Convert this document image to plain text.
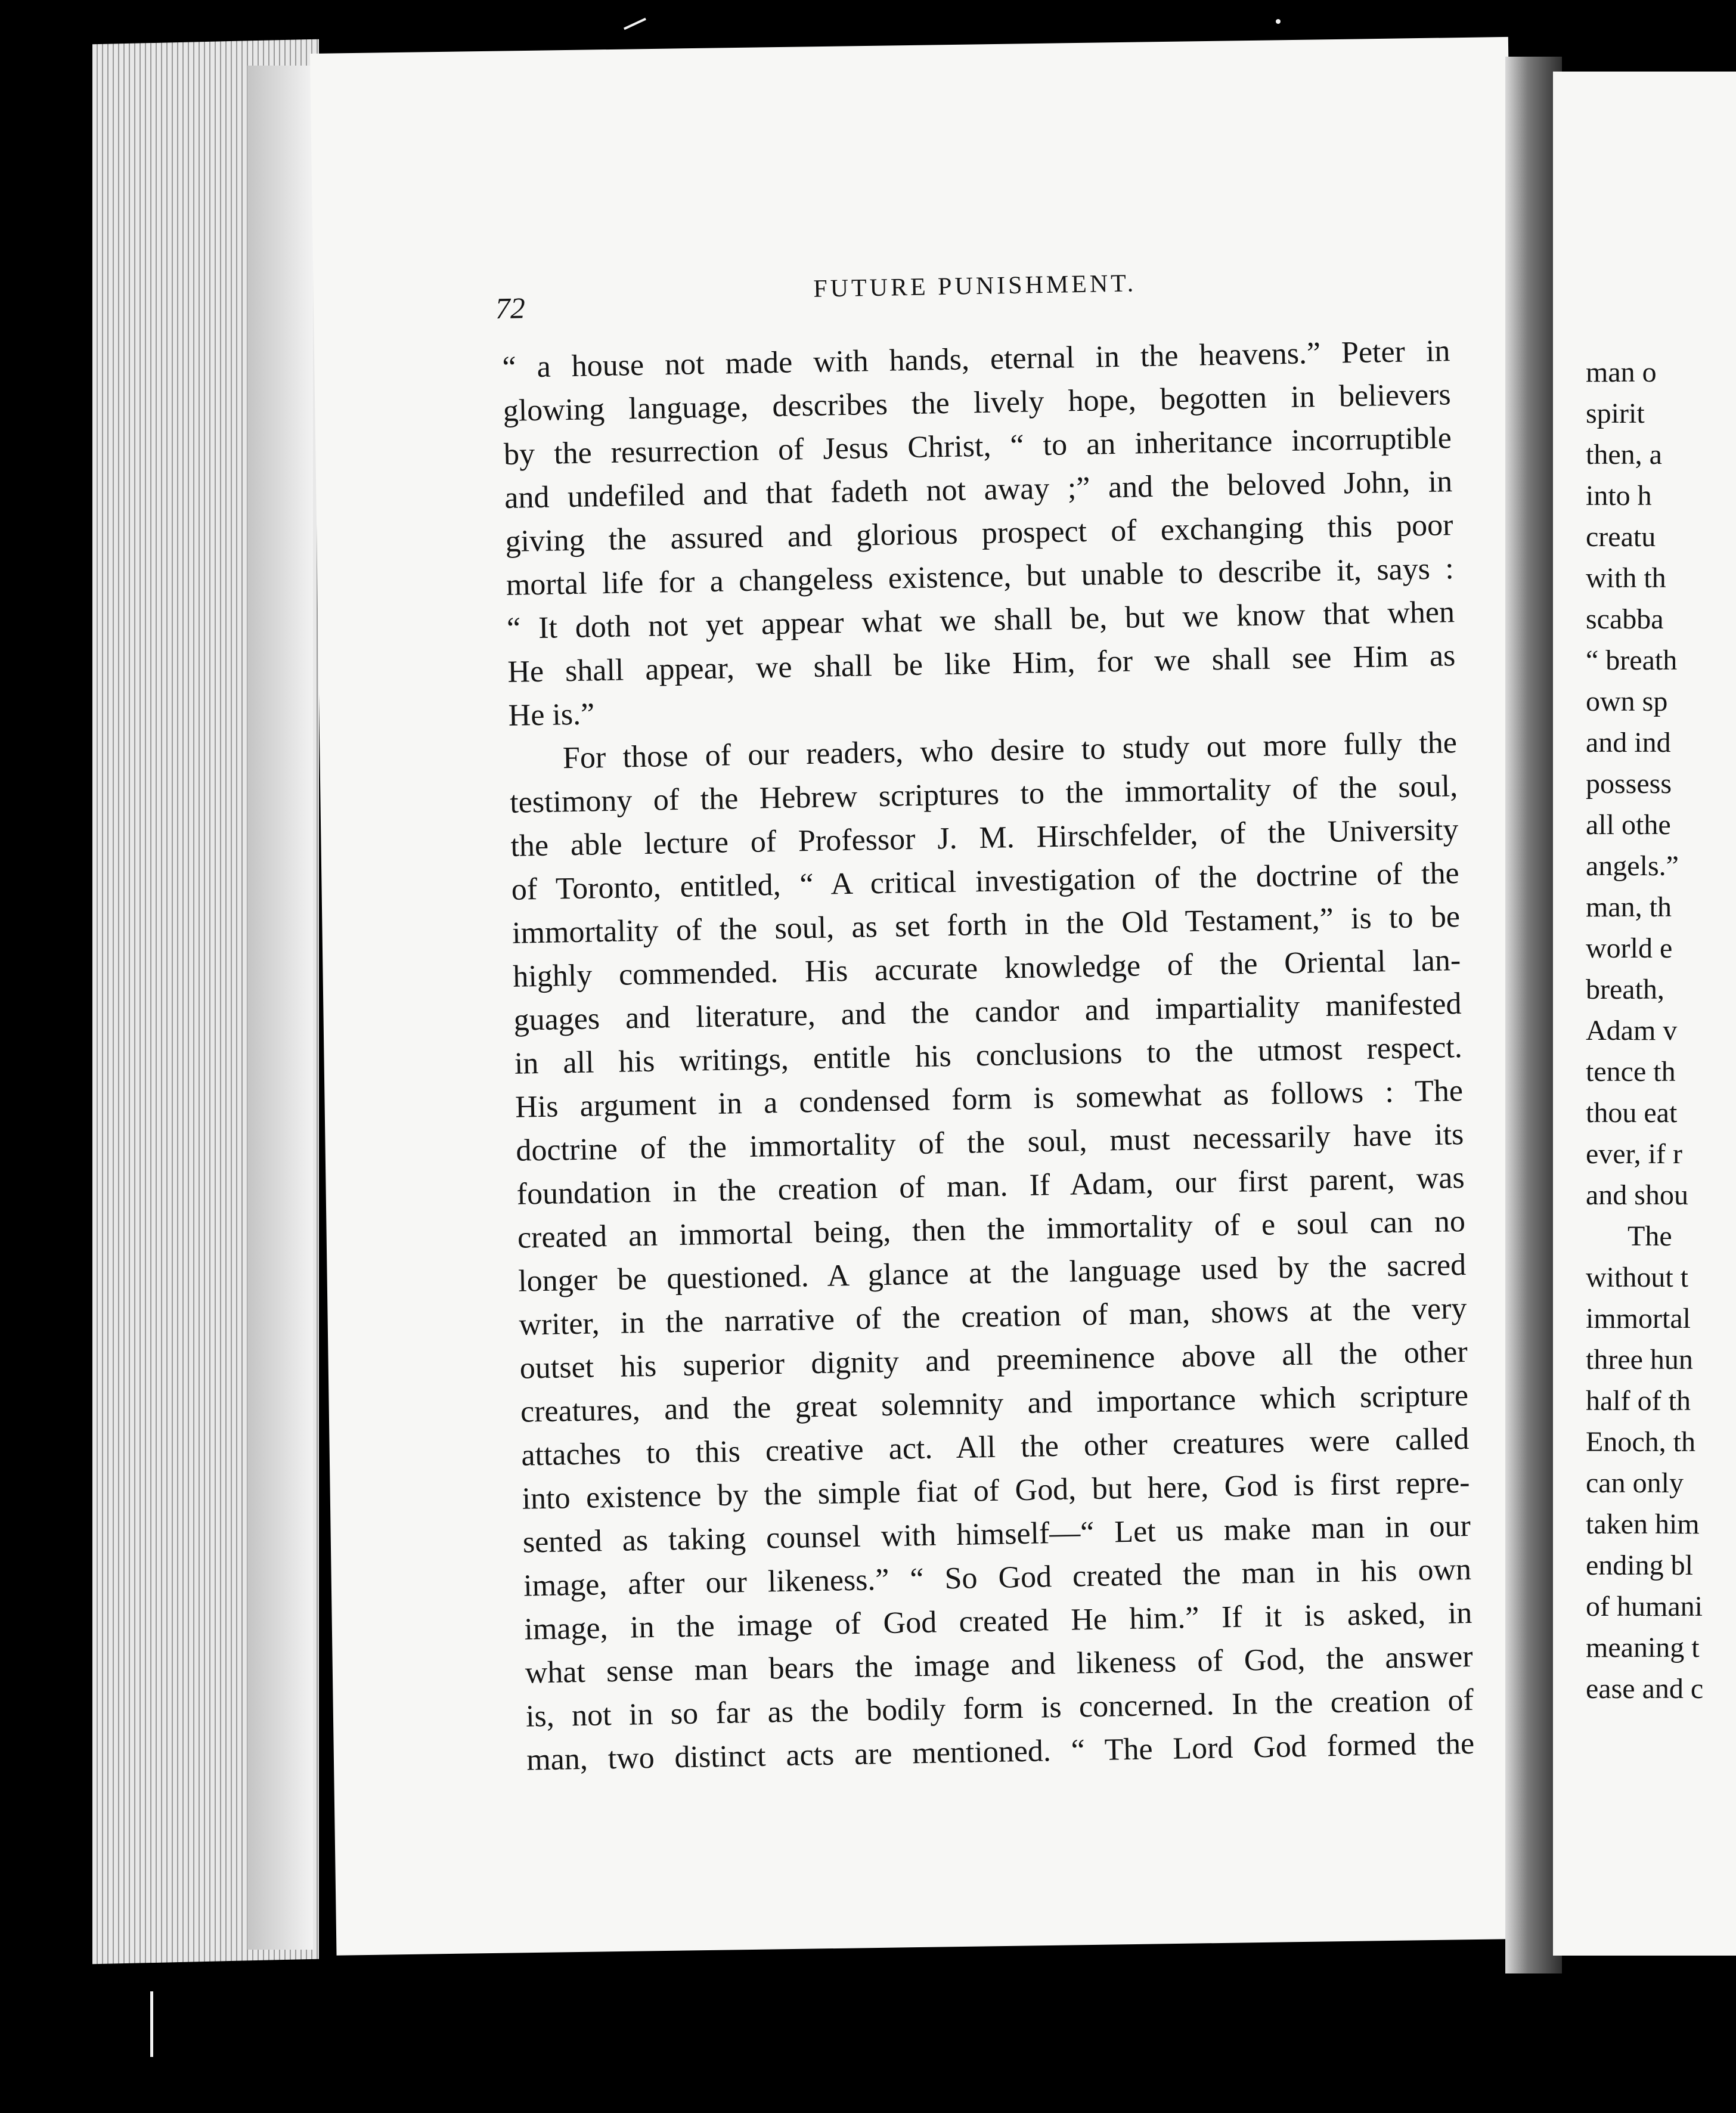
man o
spirit
then, a
into h
creatu
with th
scabba
“ breath
own sp
and ind
possess
all othe
angels.”
man, th
world e
breath,
Adam v
tence th
thou eat
ever, if r
and shou
The
without t
immortal
three hun
half of th
Enoch, th
can only
taken him
ending bl
of humani
meaning t
ease and c
72
FUTURE PUNISHMENT.
“ a house not made with hands, eternal in the heavens.” Peter in
glowing language, describes the lively hope, begotten in believers
by the resurrection of Jesus Christ, “ to an inheritance incorruptible
and undefiled and that fadeth not away ;” and the beloved John, in
giving the assured and glorious prospect of exchanging this poor
mortal life for a changeless existence, but unable to describe it, says :
“ It doth not yet appear what we shall be, but we know that when
He shall appear, we shall be like Him, for we shall see Him as
He is.”
For those of our readers, who desire to study out more fully the
testimony of the Hebrew scriptures to the immortality of the soul,
the able lecture of Professor J. M. Hirschfelder, of the University
of Toronto, entitled, “ A critical investigation of the doctrine of the
immortality of the soul, as set forth in the Old Testament,” is to be
highly commended. His accurate knowledge of the Oriental lan-
guages and literature, and the candor and impartiality manifested
in all his writings, entitle his conclusions to the utmost respect.
His argument in a condensed form is somewhat as follows : The
doctrine of the immortality of the soul, must necessarily have its
foundation in the creation of man. If Adam, our first parent, was
created an immortal being, then the immortality of e soul can no
longer be questioned. A glance at the language used by the sacred
writer, in the narrative of the creation of man, shows at the very
outset his superior dignity and preeminence above all the other
creatures, and the great solemnity and importance which scripture
attaches to this creative act. All the other creatures were called
into existence by the simple fiat of God, but here, God is first repre-
sented as taking counsel with himself—“ Let us make man in our
image, after our likeness.” “ So God created the man in his own
image, in the image of God created He him.” If it is asked, in
what sense man bears the image and likeness of God, the answer
is, not in so far as the bodily form is concerned. In the creation of
man, two distinct acts are mentioned. “ The Lord God formed the
